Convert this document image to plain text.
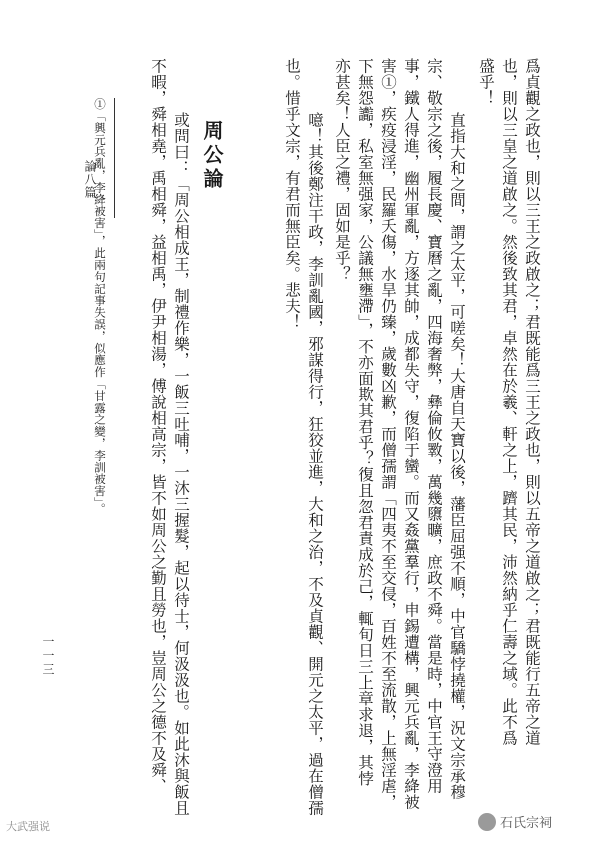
爲貞觀之政也，則以三王之政啟之；君既能爲三王之政也，則以五帝之道啟之；君既能行五帝之道
也，則以三皇之道啟之。然後致其君，卓然在於羲、軒之上，躋其民，沛然納乎仁壽之域。此不爲
盛乎！
直指大和之間，謂之太平，可嗟矣！大唐自天寶以後，藩臣屈强不順，中官驕悖撓權，況文宗承穆
宗、敬宗之後，履長慶、寶曆之亂，四海奢弊，彝倫攸斁，萬幾隳曠，庶政不舜。當是時，中官王守澄用
事，鐵人得進，幽州軍亂，方逐其帥，成都失守，復陷于蠻。而又姦黨羣行，申錫遭構，興元兵亂，李絳被
害①，疾疫浸淫，民羅夭傷，水旱仍臻，歲數凶歉，而僧孺謂「四夷不至交侵，百姓不至流散，上無淫虐，
下無怨讟，私室無强家，公議無壅滯」，不亦面欺其君乎？復且忽君責成於己，輒旬日三上章求退，其悖
亦甚矣！人臣之禮，固如是乎？
噫！其後鄭注干政，李訓亂國，邪謀得行，狂狡並進，大和之治，不及貞觀、開元之太平，過在僧孺
也。惜乎文宗，有君而無臣矣。悲夫！
周公論
或問曰：「周公相成王，制禮作樂，一飯三吐哺，一沐三握髮，起以待士，何汲汲也。如此沐與飯且
不暇，舜相堯，禹相舜，益相禹，伊尹相湯，傅說相高宗，皆不如周公之勤且勞也，豈周公之德不及舜、
①「興元兵亂，李絳被害」，此兩句記事失誤，似應作「甘露之變，李訓被害」。
論八篇
一一三
大武强说	石氏宗祠
